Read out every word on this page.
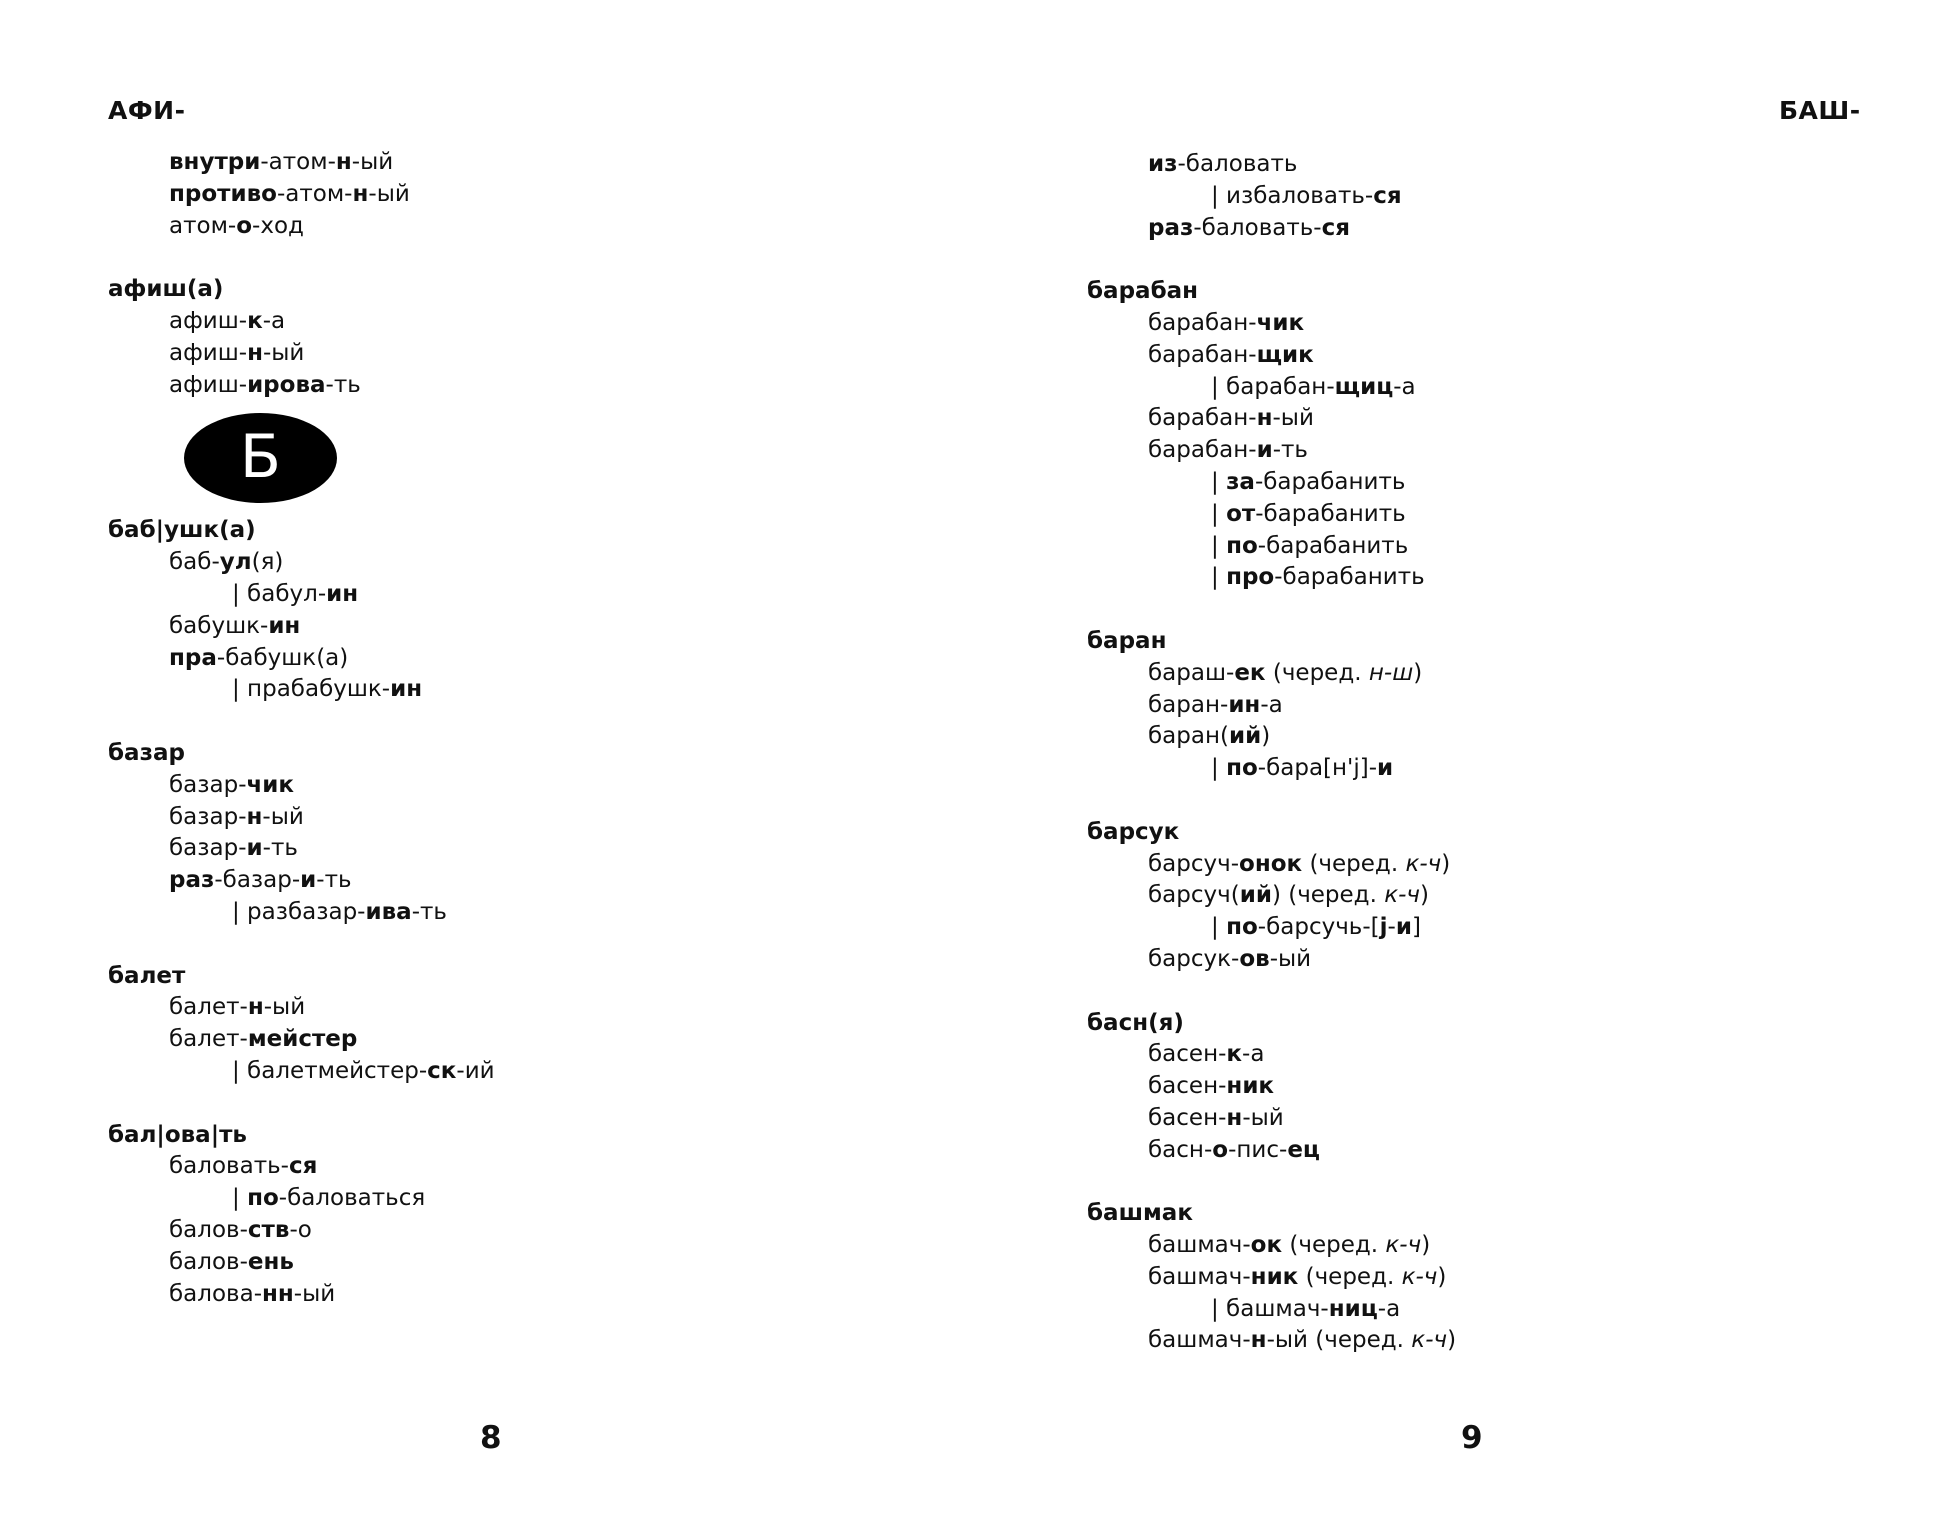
АФИ-	БАШ-
внутри-атом-н-ый
противо-атом-н-ый
атом-о-ход
афиш(а)
афиш-к-а
афиш-н-ый
афиш-ирова-ть
Б
баб|ушк(а)
баб-ул(я)
| бабул-ин
бабушк-ин
пра-бабушк(а)
| прабабушк-ин
базар
базар-чик
базар-н-ый
базар-и-ть
раз-базар-и-ть
| разбазар-ива-ть
балет
балет-н-ый
балет-мейстер
| балетмейстер-ск-ий
бал|ова|ть
баловать-ся
| по-баловаться
балов-ств-о
балов-ень
балова-нн-ый
из-баловать
| избаловать-ся
раз-баловать-ся
барабан
барабан-чик
барабан-щик
| барабан-щиц-а
барабан-н-ый
барабан-и-ть
| за-барабанить
| от-барабанить
| по-барабанить
| про-барабанить
баран
бараш-ек (черед. н-ш)
баран-ин-а
баран(ий)
| по-бара[н'j]-и
барсук
барсуч-онок (черед. к-ч)
барсуч(ий) (черед. к-ч)
| по-барсучь-[j-и]
барсук-ов-ый
басн(я)
басен-к-а
басен-ник
басен-н-ый
басн-о-пис-ец
башмак
башмач-ок (черед. к-ч)
башмач-ник (черед. к-ч)
| башмач-ниц-а
башмач-н-ый (черед. к-ч)
8	9
